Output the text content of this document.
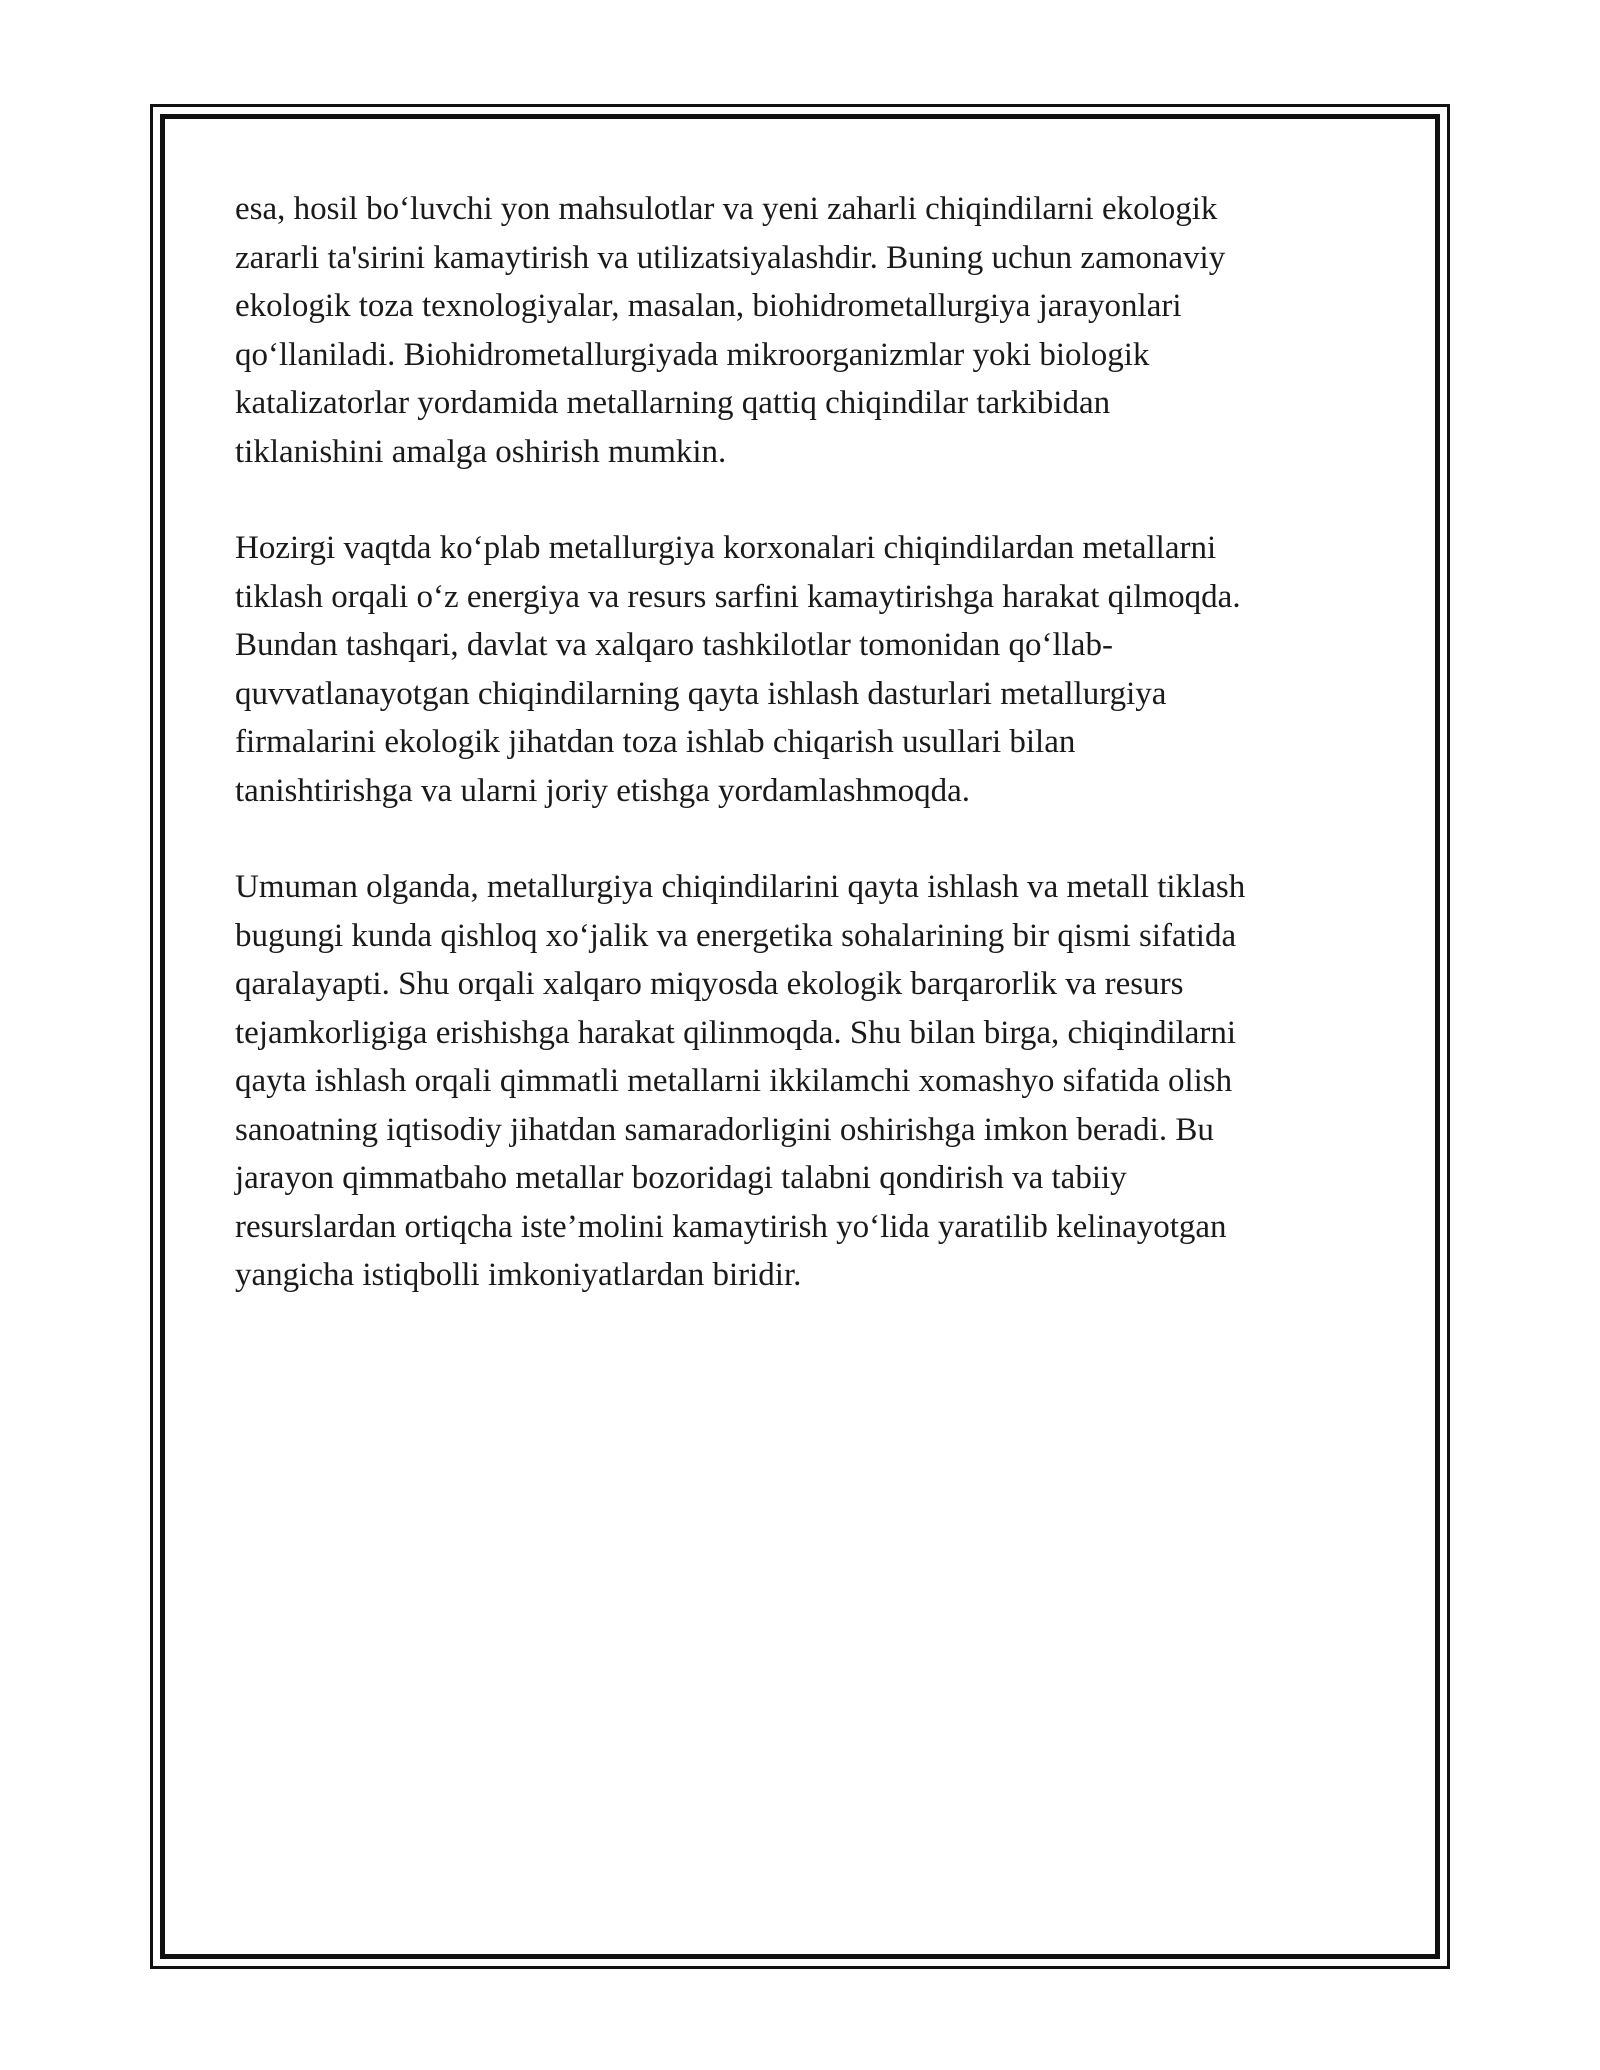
esa, hosil bo‘luvchi yon mahsulotlar va yeni zaharli chiqindilarni ekologik
zararli ta'sirini kamaytirish va utilizatsiyalashdir. Buning uchun zamonaviy
ekologik toza texnologiyalar, masalan, biohidrometallurgiya jarayonlari
qo‘llaniladi. Biohidrometallurgiyada mikroorganizmlar yoki biologik
katalizatorlar yordamida metallarning qattiq chiqindilar tarkibidan
tiklanishini amalga oshirish mumkin.

Hozirgi vaqtda ko‘plab metallurgiya korxonalari chiqindilardan metallarni
tiklash orqali o‘z energiya va resurs sarfini kamaytirishga harakat qilmoqda.
Bundan tashqari, davlat va xalqaro tashkilotlar tomonidan qo‘llab-
quvvatlanayotgan chiqindilarning qayta ishlash dasturlari metallurgiya
firmalarini ekologik jihatdan toza ishlab chiqarish usullari bilan
tanishtirishga va ularni joriy etishga yordamlashmoqda.

Umuman olganda, metallurgiya chiqindilarini qayta ishlash va metall tiklash
bugungi kunda qishloq xo‘jalik va energetika sohalarining bir qismi sifatida
qaralayapti. Shu orqali xalqaro miqyosda ekologik barqarorlik va resurs
tejamkorligiga erishishga harakat qilinmoqda. Shu bilan birga, chiqindilarni
qayta ishlash orqali qimmatli metallarni ikkilamchi xomashyo sifatida olish
sanoatning iqtisodiy jihatdan samaradorligini oshirishga imkon beradi. Bu
jarayon qimmatbaho metallar bozoridagi talabni qondirish va tabiiy
resurslardan ortiqcha iste’molini kamaytirish yo‘lida yaratilib kelinayotgan
yangicha istiqbolli imkoniyatlardan biridir.
